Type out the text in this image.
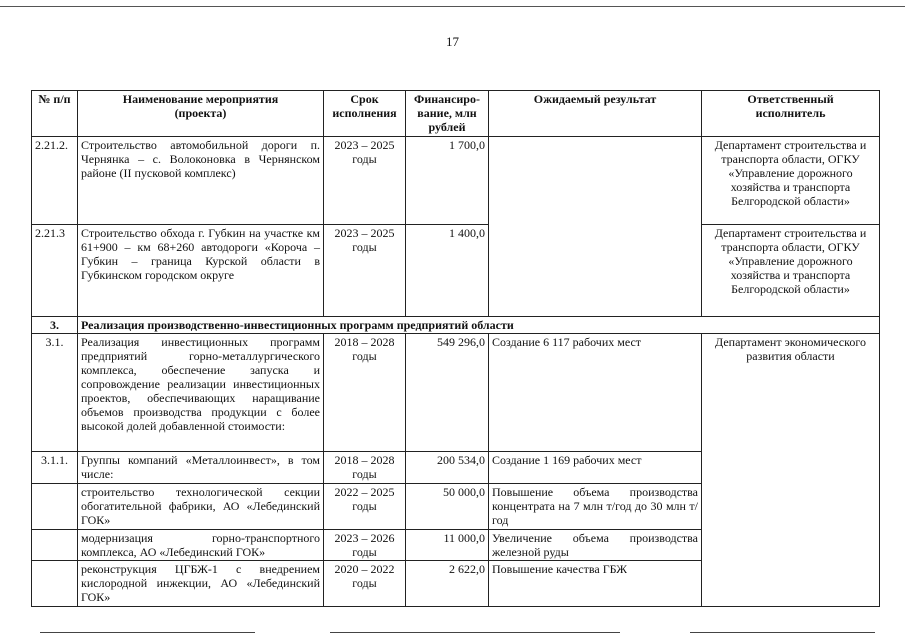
17
№ п/п	Наименование мероприятия (проекта)	Срок исполнения	Финансиро-вание, млн рублей	Ожидаемый результат	Ответственный исполнитель
2.21.2.	Строительство автомобильной дороги п. Чернянка – с. Волоконовка в Чернянском районе (II пусковой комплекс)	2023 – 2025 годы	1 700,0		Департамент строительства и транспорта области, ОГКУ «Управление дорожного хозяйства и транспорта Белгородской области»
2.21.3	Строительство обхода г. Губкин на участке км 61+900 – км 68+260 автодороги «Короча – Губкин – граница Курской области в Губкинском городском округе	2023 – 2025 годы	1 400,0		Департамент строительства и транспорта области, ОГКУ «Управление дорожного хозяйства и транспорта Белгородской области»
3.	Реализация производственно-инвестиционных программ предприятий области				
3.1.	Реализация инвестиционных программ предприятий горно-металлургического комплекса, обеспечение запуска и сопровождение реализации инвестиционных проектов, обеспечивающих наращивание объемов производства продукции с более высокой долей добавленной стоимости:	2018 – 2028 годы	549 296,0	Создание 6 117 рабочих мест	Департамент экономического развития области
3.1.1.	Группы компаний «Металлоинвест», в том числе:	2018 – 2028 годы	200 534,0	Создание 1 169 рабочих мест	
	строительство технологической секции обогатительной фабрики, АО «Лебединский ГОК»	2022 – 2025 годы	50 000,0	Повышение объема производства концентрата на 7 млн т/год до 30 млн т/год	
	модернизация горно-транспортного комплекса, АО «Лебединский ГОК»	2023 – 2026 годы	11 000,0	Увеличение объема производства железной руды	
	реконструкция ЦГБЖ-1 с внедрением кислородной инжекции, АО «Лебединский ГОК»	2020 – 2022 годы	2 622,0	Повышение качества ГБЖ	
